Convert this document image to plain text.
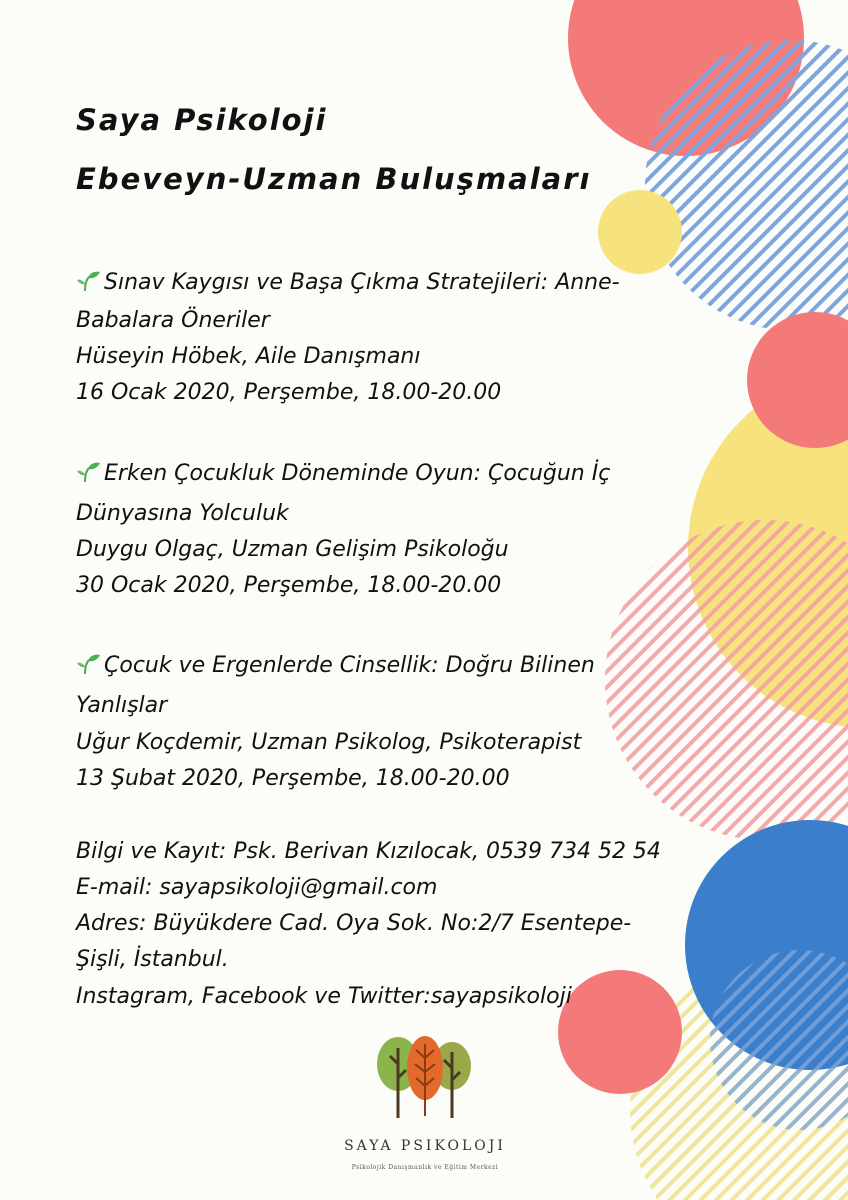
Saya Psikoloji
Ebeveyn-Uzman Buluşmaları

Sınav Kaygısı ve Başa Çıkma Stratejileri: Anne-

Babalara Öneriler

Hüseyin Höbek, Aile Danışmanı

16 Ocak 2020, Perşembe, 18.00-20.00

Erken Çocukluk Döneminde Oyun: Çocuğun İç

Dünyasına Yolculuk

Duygu Olgaç, Uzman Gelişim Psikoloğu

30 Ocak 2020, Perşembe, 18.00-20.00

Çocuk ve Ergenlerde Cinsellik: Doğru Bilinen

Yanlışlar

Uğur Koçdemir, Uzman Psikolog, Psikoterapist

13 Şubat 2020, Perşembe, 18.00-20.00

Bilgi ve Kayıt: Psk. Berivan Kızılocak, 0539 734 52 54

E-mail: sayapsikoloji@gmail.com

Adres: Büyükdere Cad. Oya Sok. No:2/7 Esentepe-

Şişli, İstanbul.

Instagram, Facebook ve Twitter:sayapsikoloji

SAYA PSIKOLOJI
Psikolojik Danışmanlık ve Eğitim Merkezi
